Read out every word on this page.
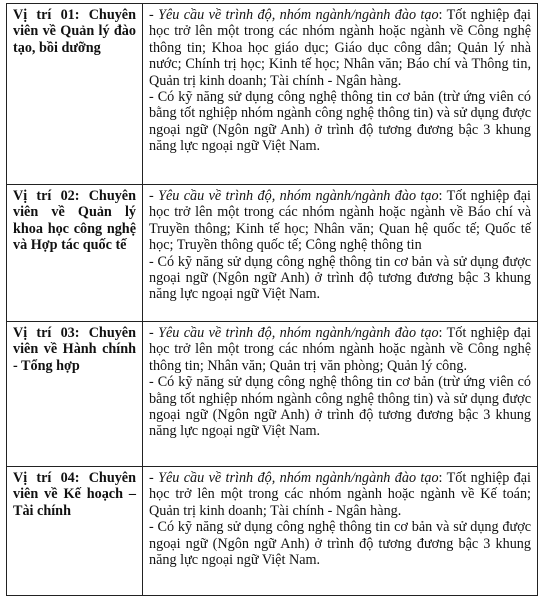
Vị trí 01: Chuyên viên về Quản lý đào tạo, bồi dưỡng	- Yêu cầu về trình độ, nhóm ngành/ngành đào tạo: Tốt nghiệp đại học trở lên một trong các nhóm ngành hoặc ngành về Công nghệ thông tin; Khoa học giáo dục; Giáo dục công dân; Quản lý nhà nước; Chính trị học; Kinh tế học; Nhân văn; Báo chí và Thông tin, Quản trị kinh doanh; Tài chính - Ngân hàng.
- Có kỹ năng sử dụng công nghệ thông tin cơ bản (trừ ứng viên có bằng tốt nghiệp nhóm ngành công nghệ thông tin) và sử dụng được ngoại ngữ (Ngôn ngữ Anh) ở trình độ tương đương bậc 3 khung năng lực ngoại ngữ Việt Nam.

Vị trí 02: Chuyên viên về Quản lý khoa học công nghệ và Hợp tác quốc tế	- Yêu cầu về trình độ, nhóm ngành/ngành đào tạo: Tốt nghiệp đại học trở lên một trong các nhóm ngành hoặc ngành về Báo chí và Truyền thông; Kinh tế học; Nhân văn; Quan hệ quốc tế; Quốc tế học; Truyền thông quốc tế; Công nghệ thông tin
- Có kỹ năng sử dụng công nghệ thông tin cơ bản và sử dụng được ngoại ngữ (Ngôn ngữ Anh) ở trình độ tương đương bậc 3 khung năng lực ngoại ngữ Việt Nam.

Vị trí 03: Chuyên viên về Hành chính - Tổng hợp	- Yêu cầu về trình độ, nhóm ngành/ngành đào tạo: Tốt nghiệp đại học trở lên một trong các nhóm ngành hoặc ngành về Công nghệ thông tin; Nhân văn; Quản trị văn phòng; Quản lý công.
- Có kỹ năng sử dụng công nghệ thông tin cơ bản (trừ ứng viên có bằng tốt nghiệp nhóm ngành công nghệ thông tin) và sử dụng được ngoại ngữ (Ngôn ngữ Anh) ở trình độ tương đương bậc 3 khung năng lực ngoại ngữ Việt Nam.

Vị trí 04: Chuyên viên về Kế hoạch – Tài chính	- Yêu cầu về trình độ, nhóm ngành/ngành đào tạo: Tốt nghiệp đại học trở lên một trong các nhóm ngành hoặc ngành về Kế toán; Quản trị kinh doanh; Tài chính - Ngân hàng.
- Có kỹ năng sử dụng công nghệ thông tin cơ bản và sử dụng được ngoại ngữ (Ngôn ngữ Anh) ở trình độ tương đương bậc 3 khung năng lực ngoại ngữ Việt Nam.
